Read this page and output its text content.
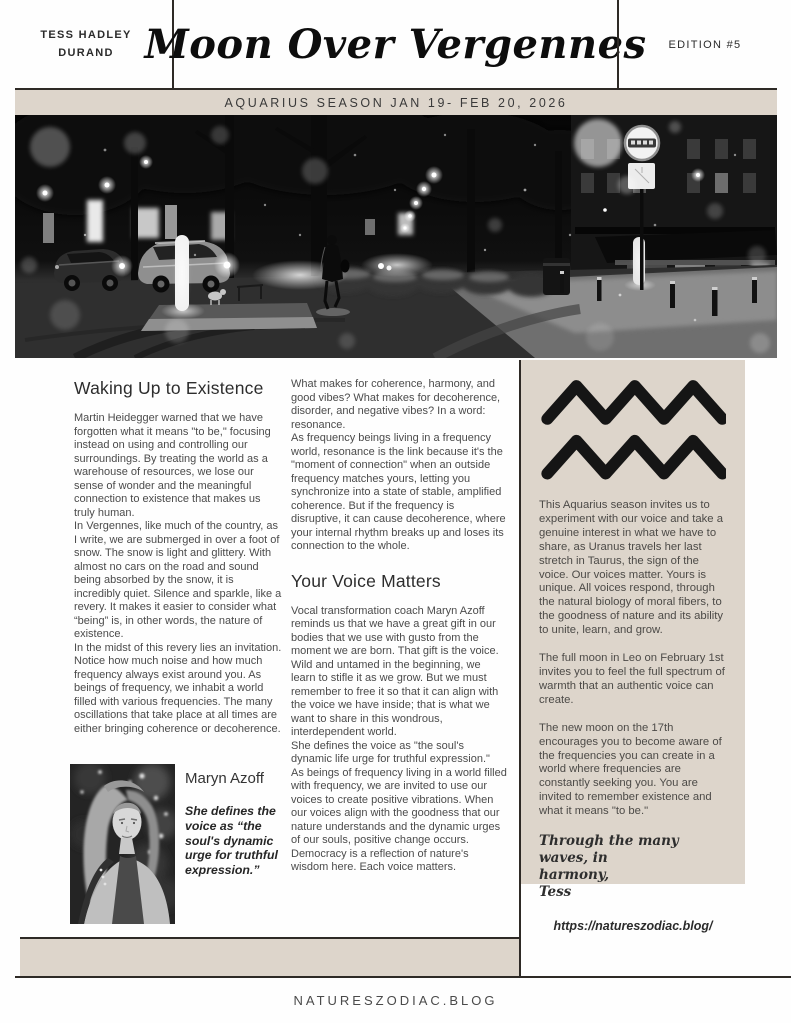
TESS HADLEY
DURAND Moon Over Vergennes	EDITION #5
AQUARIUS SEASON JAN 19- FEB 20, 2026
Waking Up to Existence

Martin Heidegger warned that we have forgotten what it means "to be," focusing instead on using and controlling our surroundings. By treating the world as a warehouse of resources, we lose our sense of wonder and the meaningful connection to existence that makes us truly human.

In Vergennes, like much of the country, as I write, we are submerged in over a foot of snow. The snow is light and glittery. With almost no cars on the road and sound being absorbed by the snow, it is incredibly quiet. Silence and sparkle, like a revery. It makes it easier to consider what “being” is, in other words, the nature of existence.

In the midst of this revery lies an invitation. Notice how much noise and how much frequency always exist around you. As beings of frequency, we inhabit a world filled with various frequencies. The many oscillations that take place at all times are either bringing coherence or decoherence.

What makes for coherence, harmony, and good vibes? What makes for decoherence, disorder, and negative vibes? In a word: resonance.

As frequency beings living in a frequency world, resonance is the link because it's the "moment of connection" when an outside frequency matches yours, letting you synchronize into a state of stable, amplified coherence. But if the frequency is disruptive, it can cause decoherence, where your internal rhythm breaks up and loses its connection to the whole.

Your Voice Matters

Vocal transformation coach Maryn Azoff reminds us that we have a great gift in our bodies that we use with gusto from the moment we are born. That gift is the voice. Wild and untamed in the beginning, we learn to stifle it as we grow. But we must remember to free it so that it can align with the voice we have inside; that is what we want to share in this wondrous, interdependent world.

She defines the voice as "the soul's dynamic life urge for truthful expression."

As beings of frequency living in a world filled with frequency, we are invited to use our voices to create positive vibrations. When our voices align with the goodness that our nature understands and the dynamic urges of our souls, positive change occurs. Democracy is a reflection of nature's wisdom here. Each voice matters.

Maryn Azoff
She defines the voice as “the soul's dynamic urge for truthful expression.”

This Aquarius season invites us to experiment with our voice and take a genuine interest in what we have to share, as Uranus travels her last stretch in Taurus, the sign of the voice. Our voices matter. Yours is unique. All voices respond, through the natural biology of moral fibers, to the goodness of nature and its ability to unite, learn, and grow.

The full moon in Leo on February 1st invites you to feel the full spectrum of warmth that an authentic voice can create.

The new moon on the 17th encourages you to become aware of the frequencies you can create in a world where frequencies are constantly seeking you. You are invited to remember existence and what it means "to be."

Through the many waves, in
harmony,
Tess
https://natureszodiac.blog/
NATURESZODIAC.BLOG
